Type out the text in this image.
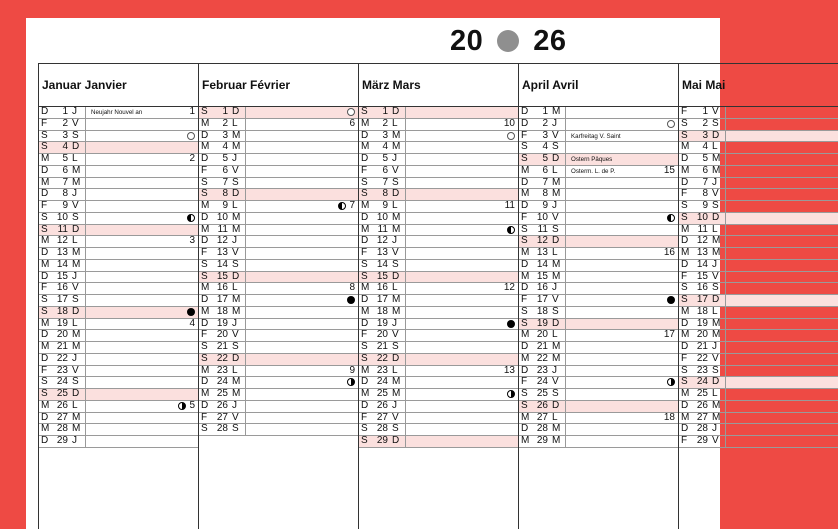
20 26
Januar Janvier
D	1 J	Neujahr Nouvel an	1
F	2 V
S	3 S
S	4 D
M	5 L	2
D	6 M
M	7 M
D	8 J
F	9 V
S 10 S
S 11 D
M 12 L	3
D 13 M
M 14 M
D 15 J
F 16 V
S 17 S
S 18 D
M 19 L	4
D 20 M
M 21 M
D 22 J
F 23 V
S 24 S
S 25 D
M 26 L	5
D 27 M
M 28 M
D 29 J
Februar Février
S	1 D
M	2 L	6
D	3 M
M	4 M
D	5 J
F	6 V
S	7 S
S	8 D
M	9 L	7
D 10 M
M 11 M
D 12 J
F 13 V
S 14 S
S 15 D
M 16 L	8
D 17 M
M 18 M
D 19 J
F 20 V
S 21 S
S 22 D
M 23 L	9
D 24 M
M 25 M
D 26 J
F 27 V
S 28 S
März Mars
S	1 D
M	2 L	10
D	3 M
M	4 M
D	5 J
F	6 V
S	7 S
S	8 D
M	9 L	11
D 10 M
M 11 M
D 12 J
F 13 V
S 14 S
S 15 D
M 16 L	12
D 17 M
M 18 M
D 19 J
F 20 V
S 21 S
S 22 D
M 23 L	13
D 24 M
M 25 M
D 26 J
F 27 V
S 28 S
S 29 D
April Avril
D	1 M
D	2 J
F	3 V	Karfreitag V. Saint
S	4 S
S	5 D	Ostern Pâques
M	6 L	Osterm. L. de P.	15
D	7 M
M	8 M
D	9 J
F 10 V
S 11 S
S 12 D
M 13 L	16
D 14 M
M 15 M
D 16 J
F 17 V
S 18 S
S 19 D
M 20 L	17
D 21 M
M 22 M
D 23 J
F 24 V
S 25 S
S 26 D
M 27 L	18
D 28 M
M 29 M
Mai Mai
F	1 V
S	2 S
S	3 D
M	4 L
D	5 M
M	6 M
D	7 J
F	8 V
S	9 S
S 10 D
M 11 L
D 12 M
M 13 M
D 14 J
F 15 V
S 16 S
S 17 D
M 18 L
D 19 M
M 20 M
D 21 J
F 22 V
S 23 S
S 24 D
M 25 L
D 26 M
M 27 M
D 28 J
F 29 V
